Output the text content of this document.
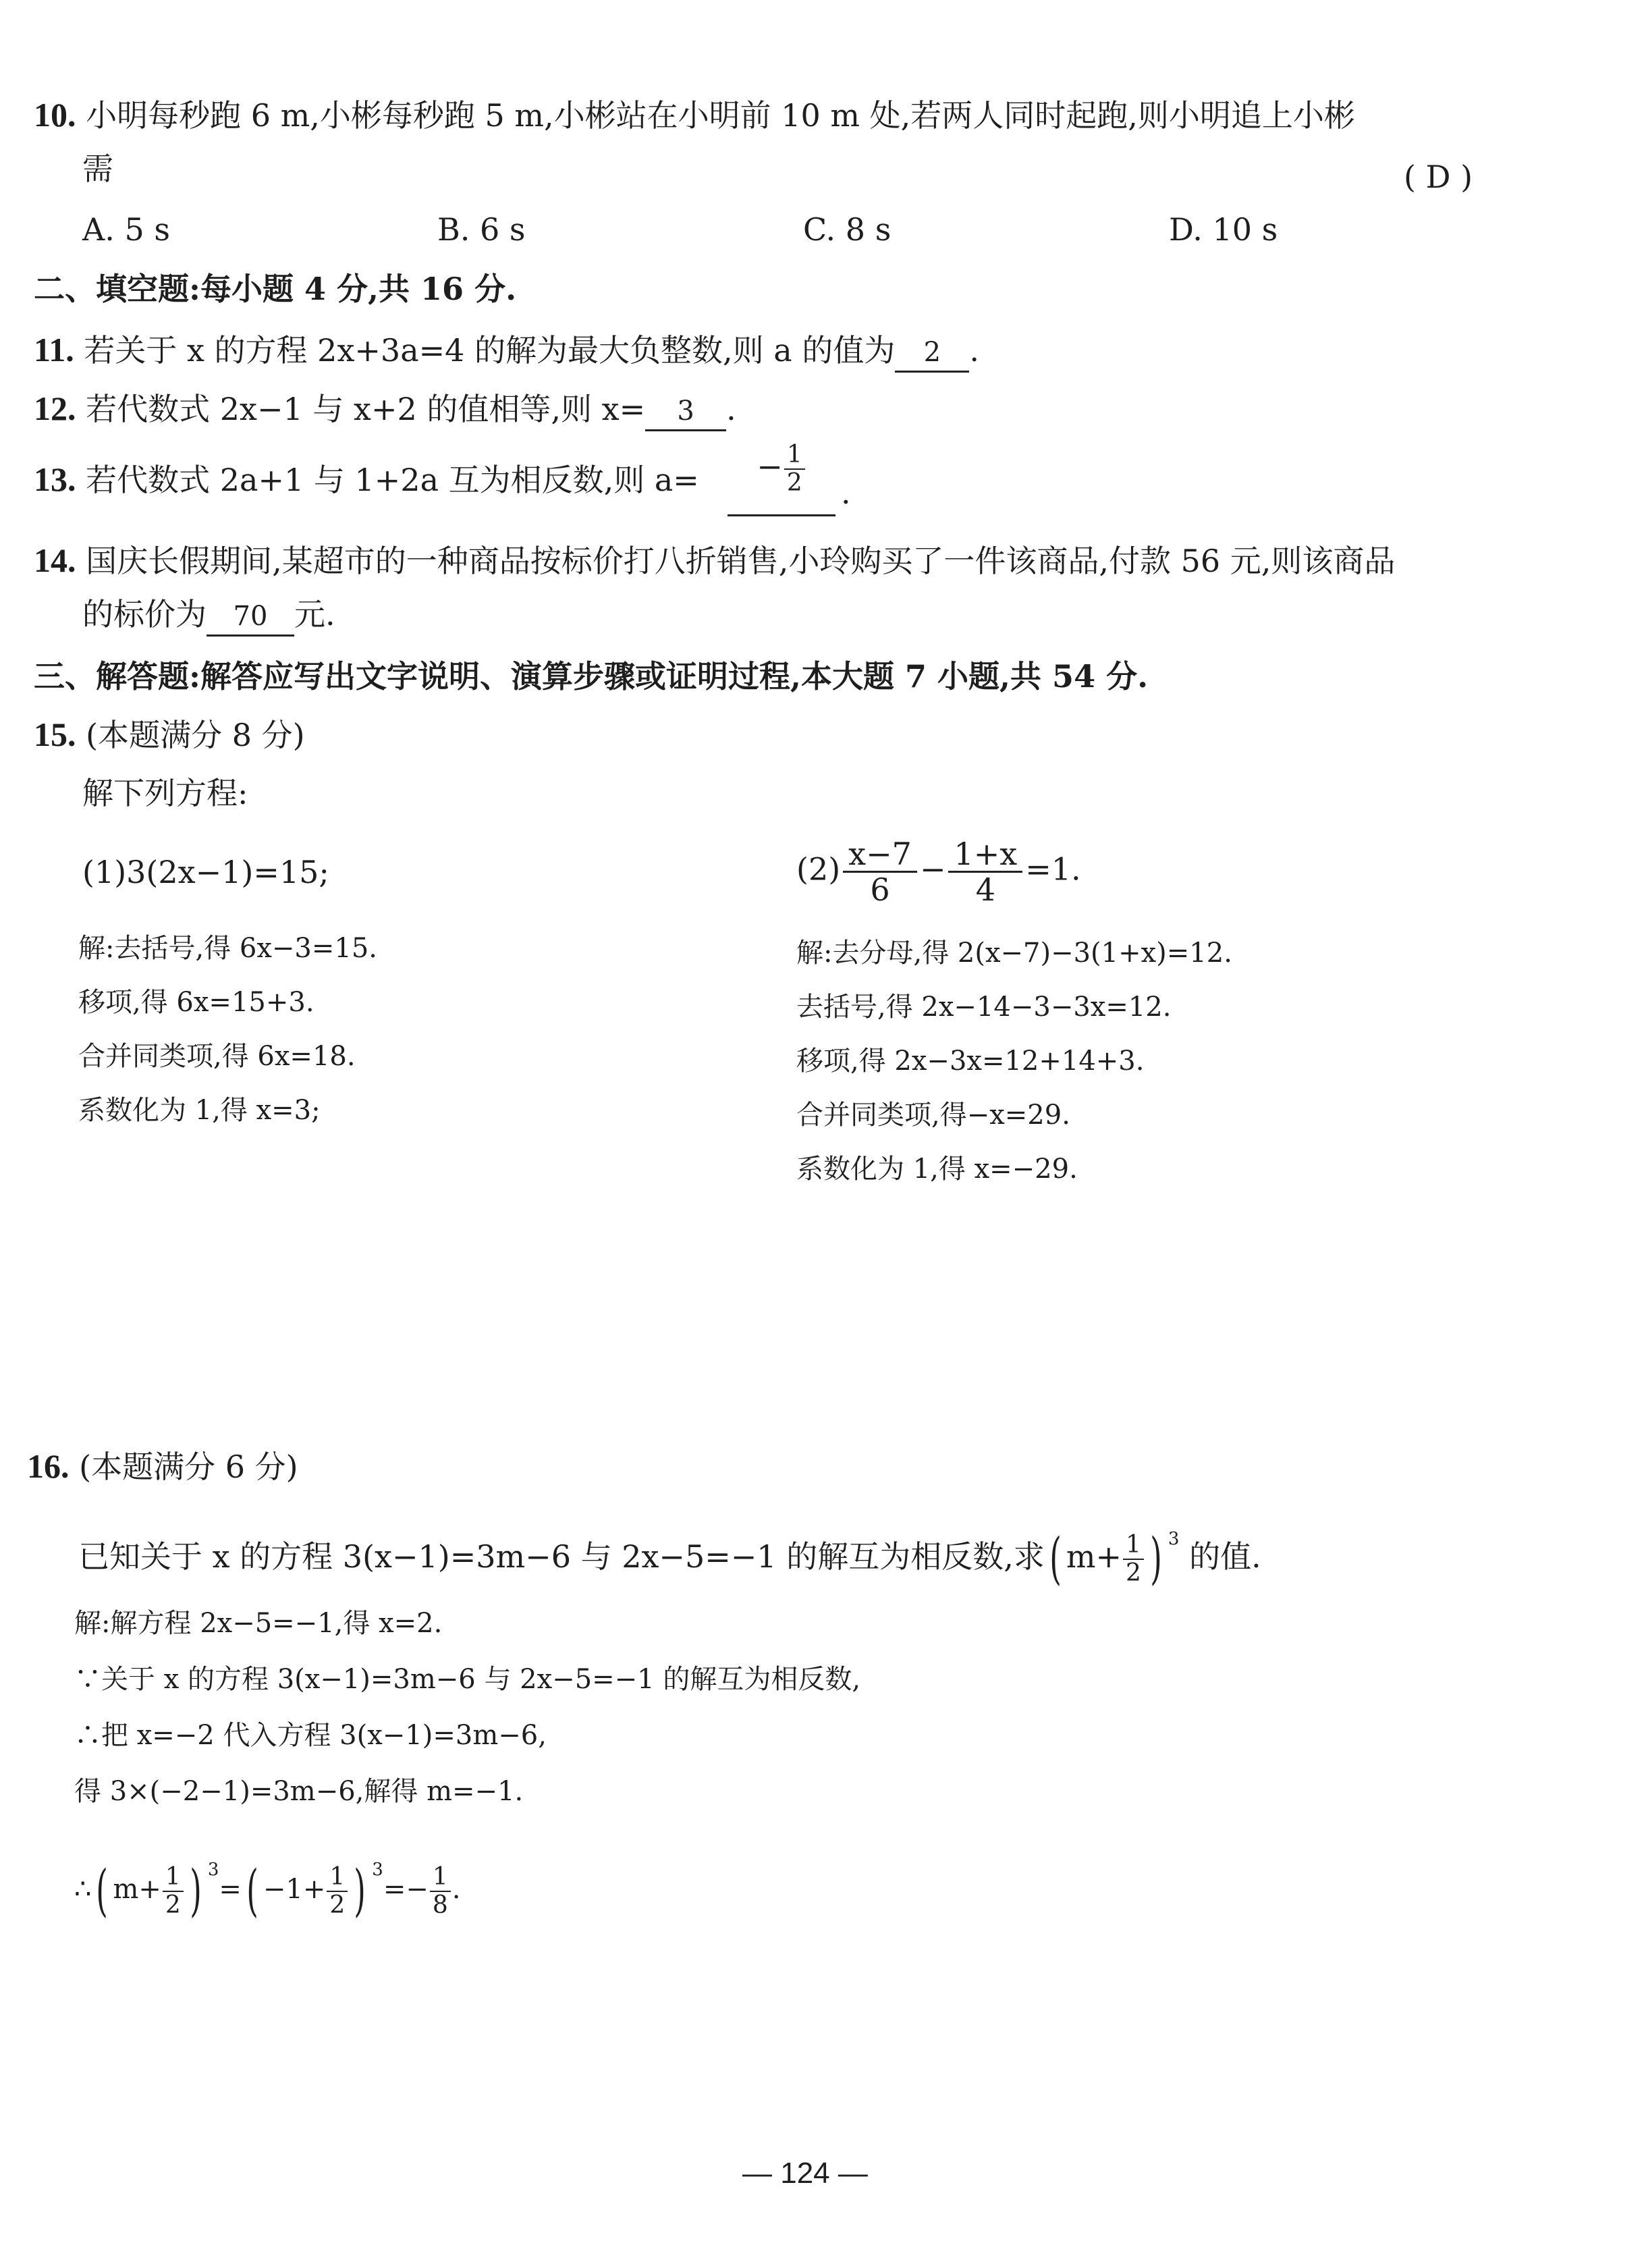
10. 小明每秒跑 6 m,小彬每秒跑 5 m,小彬站在小明前 10 m 处,若两人同时起跑,则小明追上小彬
需	( D )
A. 5 s	B. 6 s	C. 8 s	D. 10 s
二、填空题:每小题 4 分,共 16 分.
11. 若关于 x 的方程 2x+3a=4 的解为最大负整数,则 a 的值为 2 .
12. 若代数式 2x−1 与 x+2 的值相等,则 x= 3 .
13. 若代数式 2a+1 与 1+2a 互为相反数,则 a=	− $\frac{1}{2}$ .
14. 国庆长假期间,某超市的一种商品按标价打八折销售,小玲购买了一件该商品,付款 56 元,则该商品
的标价为 70 元.
三、解答题:解答应写出文字说明、演算步骤或证明过程,本大题 7 小题,共 54 分.
15. (本题满分 8 分)
解下列方程:
(1)3(2x−1)=15;	$(2) \frac{x-7}{6} - \frac{1+x}{4} =1$.
解:去括号,得 6x−3=15.
移项,得 6x=15+3.
合并同类项,得 6x=18.
系数化为 1,得 x=3;
解:去分母,得 2(x−7)−3(1+x)=12.
去括号,得 2x−14−3−3x=12.
移项,得 2x−3x=12+14+3.
合并同类项,得−x=29.
系数化为 1,得 x=−29.
16. (本题满分 6 分)
已知关于 x 的方程 3(x−1)=3m−6 与 2x−5=−1 的解互为相反数,求( $m+ \frac{1}{2}$ ) $^3$ 的值.
解:解方程 2x−5=−1,得 x=2.
∵关于 x 的方程 3(x−1)=3m−6 与 2x−5=−1 的解互为相反数,
∴把 x=−2 代入方程 3(x−1)=3m−6,
得 3×(−2−1)=3m−6,解得 m=−1.
∴( $m+ \frac{1}{2}$ ) $^3=( -1+ \frac{1}{2}$ ) $^3=- \frac{1}{8}$ .
— 124 —
